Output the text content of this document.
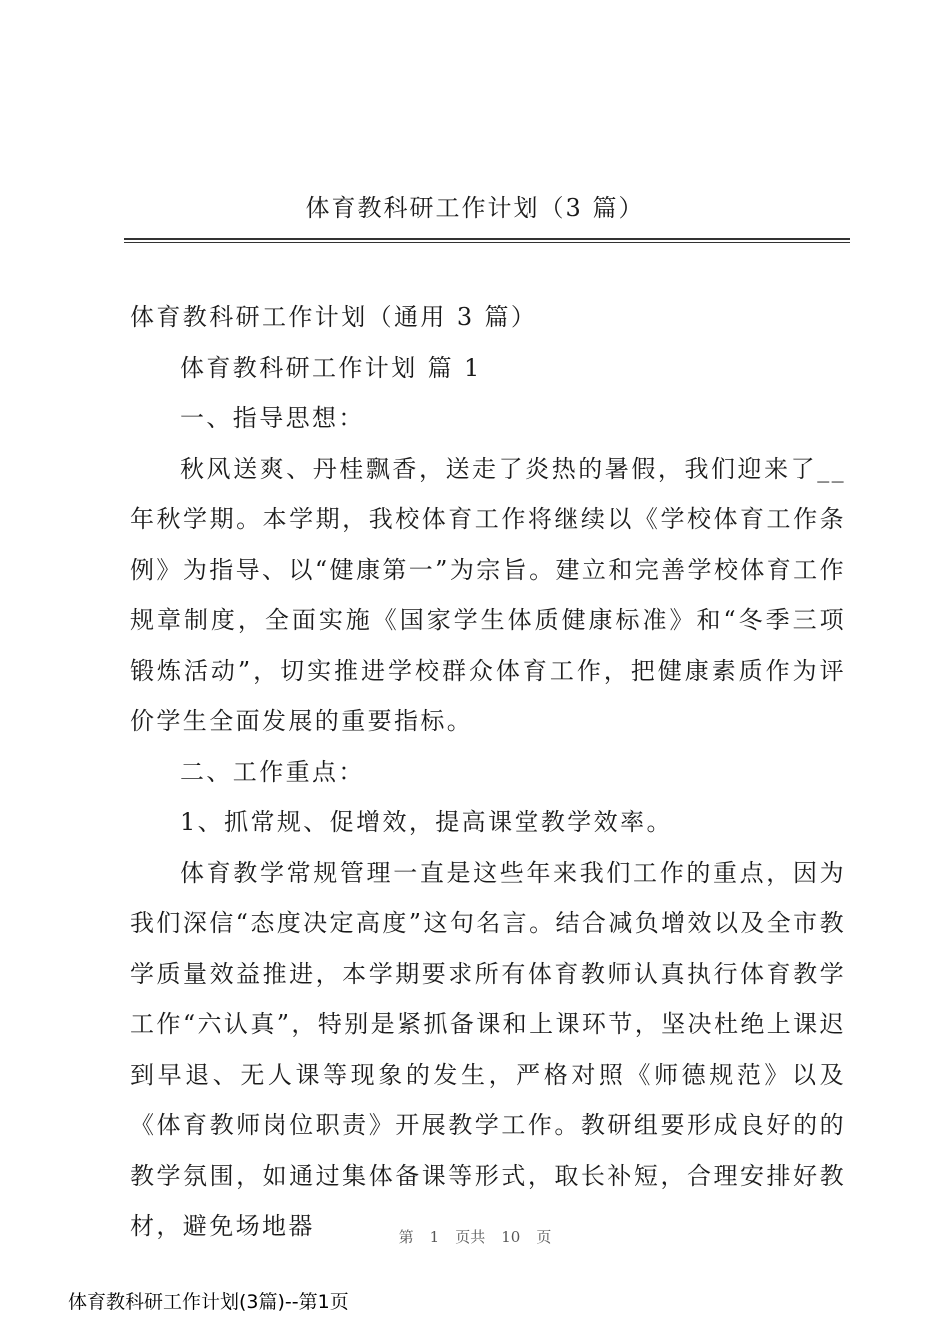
体育教科研工作计划（3 篇）

体育教科研工作计划（通用 3 篇）

体育教科研工作计划 篇 1

一、指导思想：

秋风送爽、丹桂飘香，送走了炎热的暑假，我们迎来了__年秋学期。本学期，我校体育工作将继续以《学校体育工作条例》为指导、以“健康第一”为宗旨。建立和完善学校体育工作规章制度，全面实施《国家学生体质健康标准》和“冬季三项锻炼活动”，切实推进学校群众体育工作，把健康素质作为评价学生全面发展的重要指标。

二、工作重点：

1、抓常规、促增效，提高课堂教学效率。

体育教学常规管理一直是这些年来我们工作的重点，因为我们深信“态度决定高度”这句名言。结合减负增效以及全市教学质量效益推进，本学期要求所有体育教师认真执行体育教学工作“六认真”，特别是紧抓备课和上课环节，坚决杜绝上课迟到早退、无人课等现象的发生，严格对照《师德规范》以及《体育教师岗位职责》开展教学工作。教研组要形成良好的的教学氛围，如通过集体备课等形式，取长补短，合理安排好教材，避免场地器	第 1 页共 10 页
体育教科研工作计划(3篇)--第1页
